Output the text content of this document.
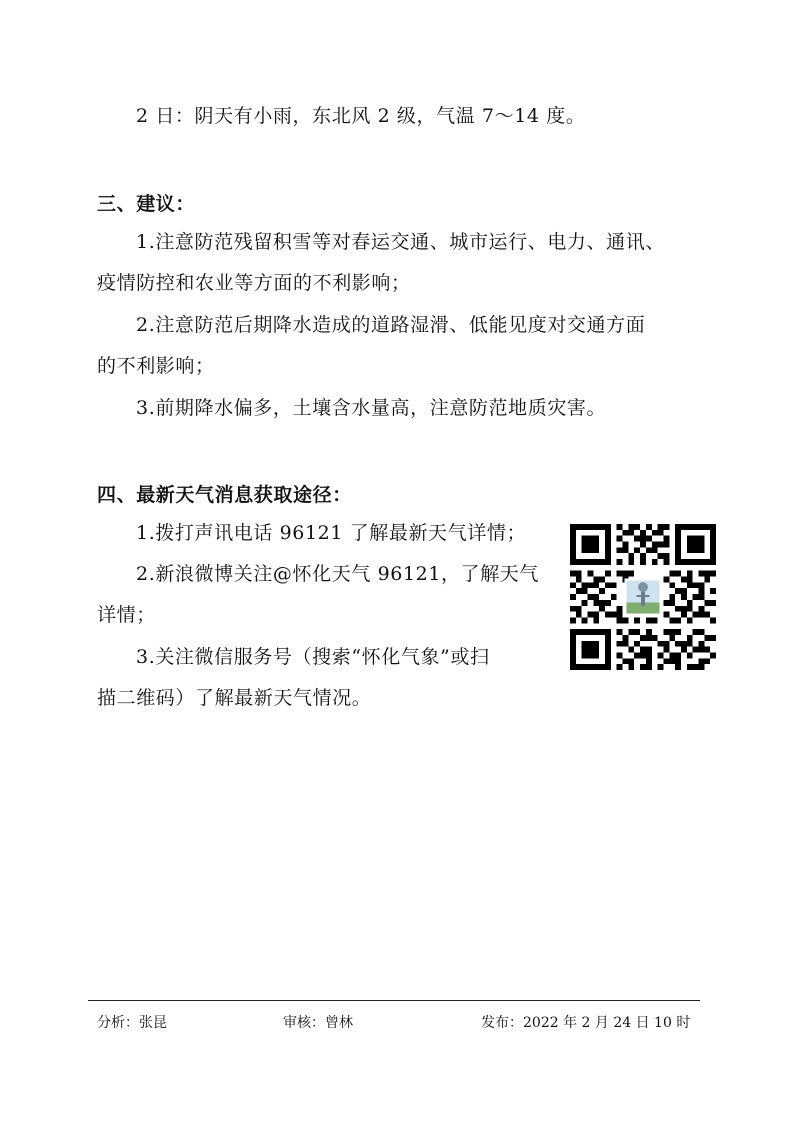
2 日：阴天有小雨，东北风 2 级，气温 7～14 度。
三、建议：
1.注意防范残留积雪等对春运交通、城市运行、电力、通讯、
疫情防控和农业等方面的不利影响；
2.注意防范后期降水造成的道路湿滑、低能见度对交通方面
的不利影响；
3.前期降水偏多，土壤含水量高，注意防范地质灾害。
四、最新天气消息获取途径：
1.拨打声讯电话 96121 了解最新天气详情；
2.新浪微博关注@怀化天气 96121，了解天气
详情；
3.关注微信服务号（搜索“怀化气象”或扫
描二维码）了解最新天气情况。
分析：张昆	审核：曾林	发布：2022 年 2 月 24 日 10 时
